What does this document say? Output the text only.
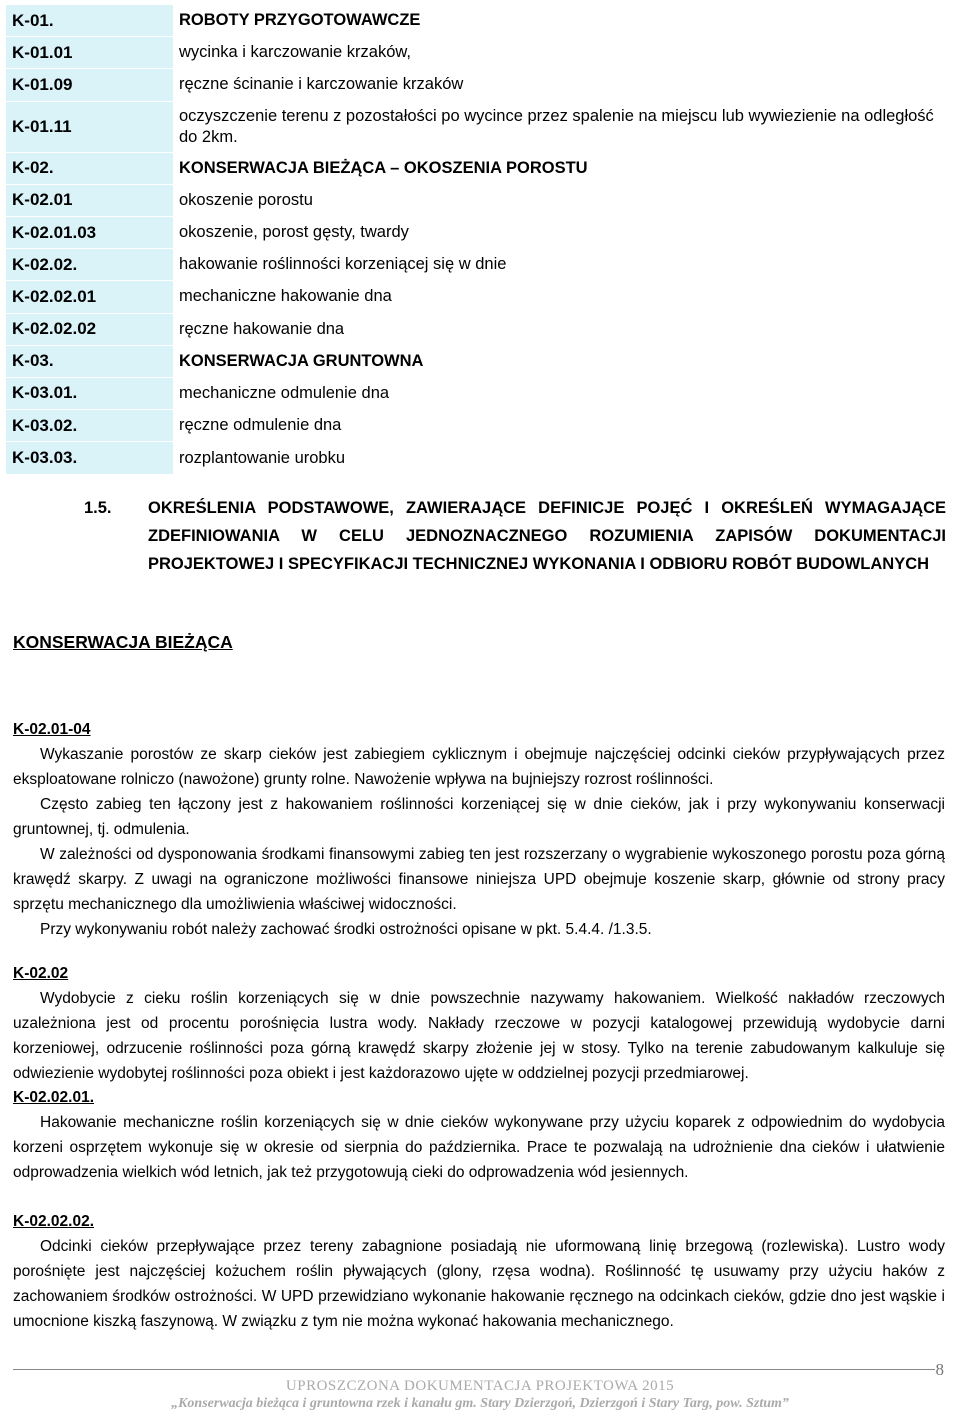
K-01.	ROBOTY PRZYGOTOWAWCZE
K-01.01	wycinka i karczowanie krzaków,
K-01.09	ręczne ścinanie i karczowanie krzaków
K-01.11	oczyszczenie terenu z pozostałości po wycince przez spalenie na miejscu lub wywiezienie na odległość do 2km.
K-02.	KONSERWACJA BIEŻĄCA – OKOSZENIA POROSTU
K-02.01	okoszenie porostu
K-02.01.03	okoszenie, porost gęsty, twardy
K-02.02.	hakowanie roślinności korzeniącej się w dnie
K-02.02.01	mechaniczne hakowanie dna
K-02.02.02	ręczne hakowanie dna
K-03.	KONSERWACJA GRUNTOWNA
K-03.01.	mechaniczne odmulenie dna
K-03.02.	ręczne odmulenie dna
K-03.03.	rozplantowanie urobku
1.5. OKREŚLENIA PODSTAWOWE, ZAWIERAJĄCE DEFINICJE POJĘĆ I OKREŚLEŃ WYMAGAJĄCE ZDEFINIOWANIA W CELU JEDNOZNACZNEGO ROZUMIENIA ZAPISÓW DOKUMENTACJI PROJEKTOWEJ I SPECYFIKACJI TECHNICZNEJ WYKONANIA I ODBIORU ROBÓT BUDOWLANYCH
KONSERWACJA BIEŻĄCA
K-02.01-04

Wykaszanie porostów ze skarp cieków jest zabiegiem cyklicznym i obejmuje najczęściej odcinki cieków przypływających przez eksploatowane rolniczo (nawożone) grunty rolne. Nawożenie wpływa na bujniejszy rozrost roślinności.

Często zabieg ten łączony jest z hakowaniem roślinności korzeniącej się w dnie cieków, jak i przy wykonywaniu konserwacji gruntownej, tj. odmulenia.

W zależności od dysponowania środkami finansowymi zabieg ten jest rozszerzany o wygrabienie wykoszonego porostu poza górną krawędź skarpy. Z uwagi na ograniczone możliwości finansowe niniejsza UPD obejmuje koszenie skarp, głównie od strony pracy sprzętu mechanicznego dla umożliwienia właściwej widoczności.

Przy wykonywaniu robót należy zachować środki ostrożności opisane w pkt. 5.4.4. /1.3.5.

K-02.02

Wydobycie z cieku roślin korzeniących się w dnie powszechnie nazywamy hakowaniem. Wielkość nakładów rzeczowych uzależniona jest od procentu porośnięcia lustra wody. Nakłady rzeczowe w pozycji katalogowej przewidują wydobycie darni korzeniowej, odrzucenie roślinności poza górną krawędź skarpy złożenie jej w stosy. Tylko na terenie zabudowanym kalkuluje się odwiezienie wydobytej roślinności poza obiekt i jest każdorazowo ujęte w oddzielnej pozycji przedmiarowej.

K-02.02.01.

Hakowanie mechaniczne roślin korzeniących się w dnie cieków wykonywane przy użyciu koparek z odpowiednim do wydobycia korzeni osprzętem wykonuje się w okresie od sierpnia do października. Prace te pozwalają na udrożnienie dna cieków i ułatwienie odprowadzenia wielkich wód letnich, jak też przygotowują cieki do odprowadzenia wód jesiennych.

K-02.02.02.

Odcinki cieków przepływające przez tereny zabagnione posiadają nie uformowaną linię brzegową (rozlewiska). Lustro wody porośnięte jest najczęściej kożuchem roślin pływających (glony, rzęsa wodna). Roślinność tę usuwamy przy użyciu haków z zachowaniem środków ostrożności. W UPD przewidziano wykonanie hakowanie ręcznego na odcinkach cieków, gdzie dno jest wąskie i umocnione kiszką faszynową. W związku z tym nie można wykonać hakowania mechanicznego.

8
UPROSZCZONA DOKUMENTACJA PROJEKTOWA 2015
„Konserwacja bieżąca i gruntowna rzek i kanału gm. Stary Dzierzgoń, Dzierzgoń i Stary Targ, pow. Sztum”
